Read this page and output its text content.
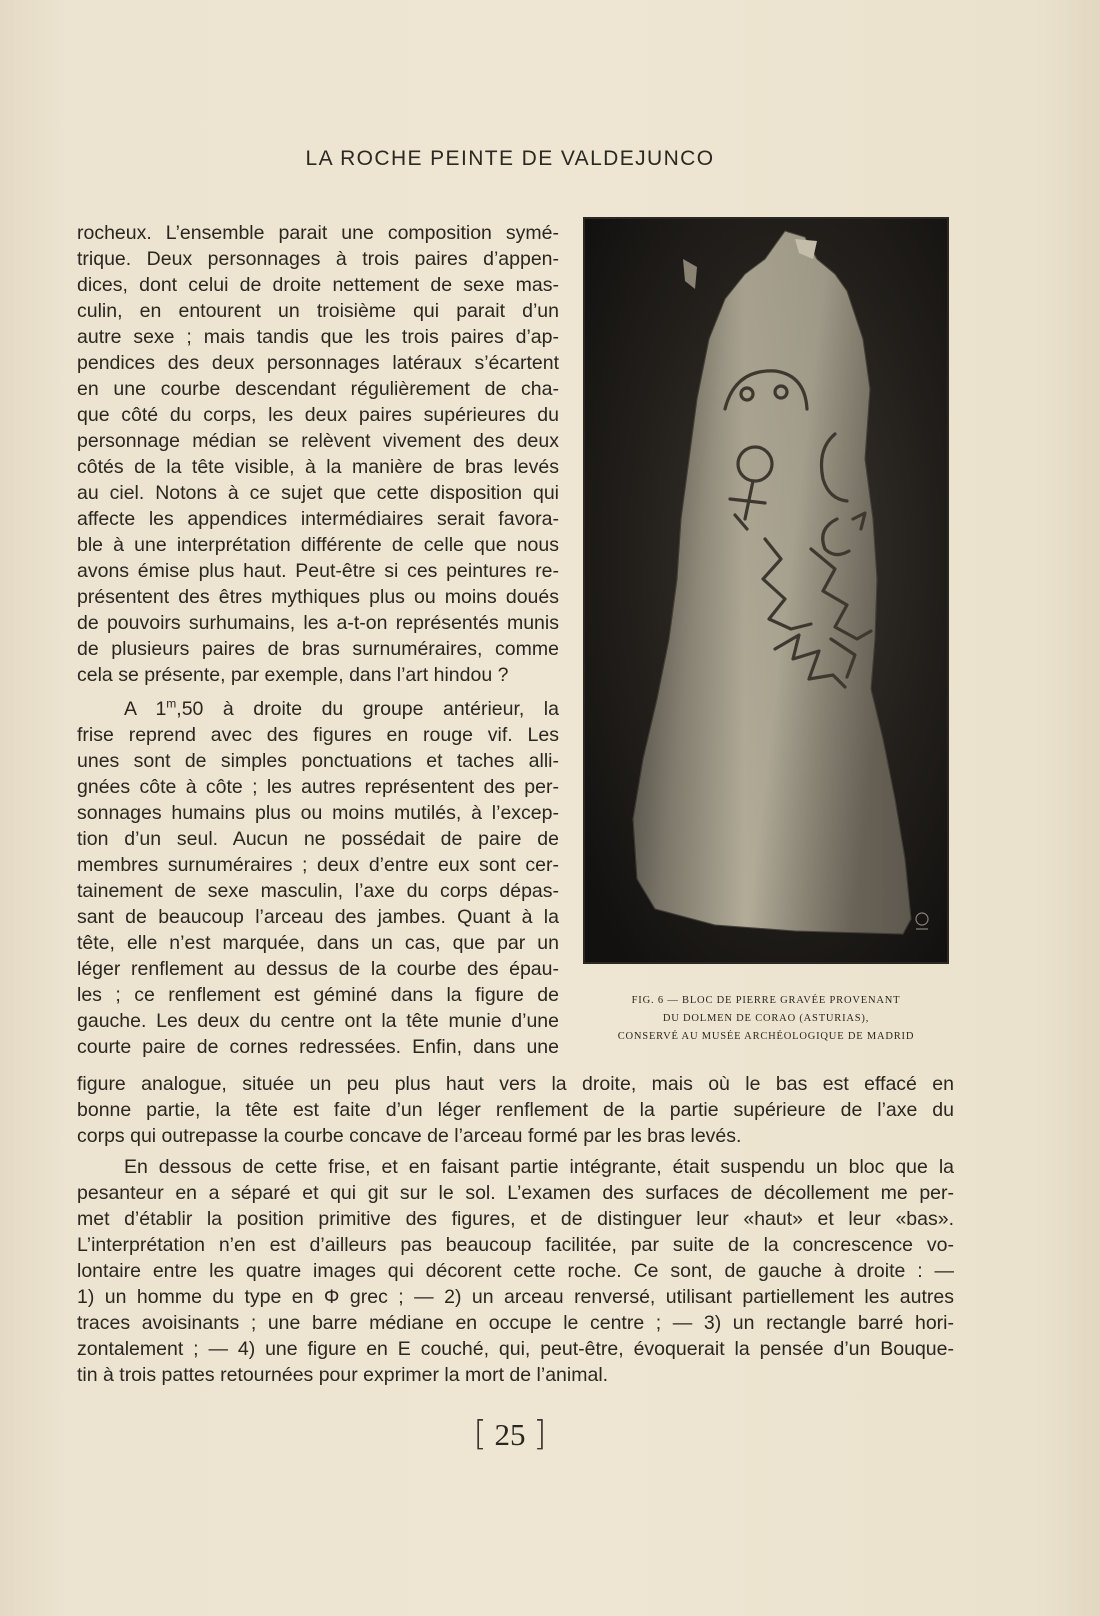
LA ROCHE PEINTE DE VALDEJUNCO
rocheux. L’ensemble parait une composition symé-
trique. Deux personnages à trois paires d’appen-
dices, dont celui de droite nettement de sexe mas-
culin, en entourent un troisième qui parait d’un
autre sexe ; mais tandis que les trois paires d’ap-
pendices des deux personnages latéraux s’écartent
en une courbe descendant régulièrement de cha-
que côté du corps, les deux paires supérieures du
personnage médian se relèvent vivement des deux
côtés de la tête visible, à la manière de bras levés
au ciel. Notons à ce sujet que cette disposition qui
affecte les appendices intermédiaires serait favora-
ble à une interprétation différente de celle que nous
avons émise plus haut. Peut-être si ces peintures re-
présentent des êtres mythiques plus ou moins doués
de pouvoirs surhumains, les a-t-on représentés munis
de plusieurs paires de bras surnuméraires, comme
cela se présente, par exemple, dans l’art hindou ?
A 1$^m$,50 à droite du groupe antérieur, la
frise reprend avec des figures en rouge vif. Les
unes sont de simples ponctuations et taches alli-
gnées côte à côte ; les autres représentent des per-
sonnages humains plus ou moins mutilés, à l’excep-
tion d’un seul. Aucun ne possédait de paire de
membres surnuméraires ; deux d’entre eux sont cer-
tainement de sexe masculin, l’axe du corps dépas-
sant de beaucoup l’arceau des jambes. Quant à la
tête, elle n’est marquée, dans un cas, que par un
léger renflement au dessus de la courbe des épau-
les ; ce renflement est géminé dans la figure de
gauche. Les deux du centre ont la tête munie d’une
courte paire de cornes redressées. Enfin, dans une
figure analogue, située un peu plus haut vers la droite, mais où le bas est effacé en
bonne partie, la tête est faite d’un léger renflement de la partie supérieure de l’axe du
corps qui outrepasse la courbe concave de l’arceau formé par les bras levés.
En dessous de cette frise, et en faisant partie intégrante, était suspendu un bloc que la
pesanteur en a séparé et qui git sur le sol. L’examen des surfaces de décollement me per-
met d’établir la position primitive des figures, et de distinguer leur «haut» et leur «bas».
L’interprétation n’en est d’ailleurs pas beaucoup facilitée, par suite de la concrescence vo-
lontaire entre les quatre images qui décorent cette roche. Ce sont, de gauche à droite : —
1) un homme du type en Φ grec ; — 2) un arceau renversé, utilisant partiellement les autres
traces avoisinants ; une barre médiane en occupe le centre ; — 3) un rectangle barré hori-
zontalement ; — 4) une figure en E couché, qui, peut-être, évoquerait la pensée d’un Bouque-
tin à trois pattes retournées pour exprimer la mort de l’animal.
FIG. 6 — BLOC DE PIERRE GRAVÉE PROVENANT
DU DOLMEN DE CORAO (ASTURIAS),
CONSERVÉ AU MUSÉE ARCHÉOLOGIQUE DE MADRID
[ 25 ]
